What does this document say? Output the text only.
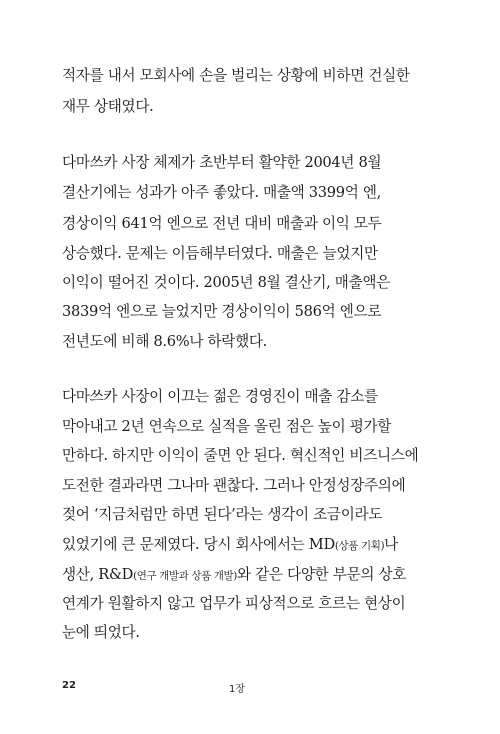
적자를 내서 모회사에 손을 벌리는 상황에 비하면 건실한
재무 상태였다.
다마쓰카 사장 체제가 초반부터 활약한 2004년 8월
결산기에는 성과가 아주 좋았다. 매출액 3399억 엔,
경상이익 641억 엔으로 전년 대비 매출과 이익 모두
상승했다. 문제는 이듬해부터였다. 매출은 늘었지만
이익이 떨어진 것이다. 2005년 8월 결산기, 매출액은
3839억 엔으로 늘었지만 경상이익이 586억 엔으로
전년도에 비해 8.6%나 하락했다.
다마쓰카 사장이 이끄는 젊은 경영진이 매출 감소를
막아내고 2년 연속으로 실적을 올린 점은 높이 평가할
만하다. 하지만 이익이 줄면 안 된다. 혁신적인 비즈니스에
도전한 결과라면 그나마 괜찮다. 그러나 안정성장주의에
젖어 ‘지금처럼만 하면 된다’라는 생각이 조금이라도
있었기에 큰 문제였다. 당시 회사에서는 MD(상품 기획)나
생산, R&D(연구 개발과 상품 개발)와 같은 다양한 부문의 상호
연계가 원활하지 않고 업무가 피상적으로 흐르는 현상이
눈에 띄었다.
22	1장
